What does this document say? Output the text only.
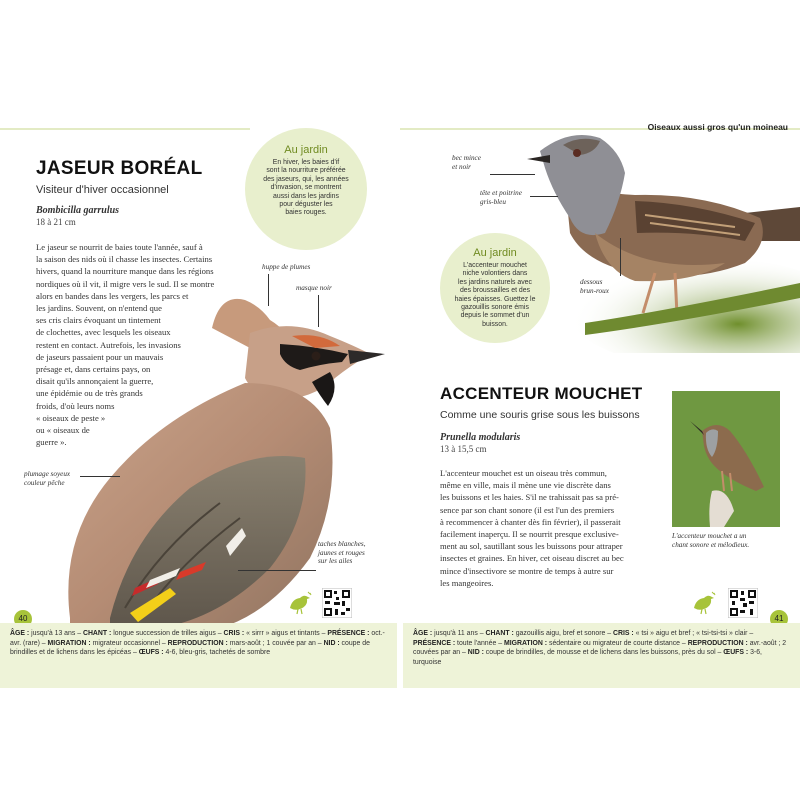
JASEUR BORÉAL
Visiteur d'hiver occasionnel
Bombicilla garrulus
18 à 21 cm
Le jaseur se nourrit de baies toute l'année, sauf à
la saison des nids où il chasse les insectes. Certains
hivers, quand la nourriture manque dans les régions
nordiques où il vit, il migre vers le sud. Il se montre
alors en bandes dans les vergers, les parcs et
les jardins. Souvent, on n'entend que
ses cris clairs évoquant un tintement
de clochettes, avec lesquels les oiseaux
restent en contact. Autrefois, les invasions
de jaseurs passaient pour un mauvais
présage et, dans certains pays, on
disait qu'ils annonçaient la guerre,
une épidémie ou de très grands
froids, d'où leurs noms
« oiseaux de peste »
ou « oiseaux de
guerre ».
Au jardin
En hiver, les baies d'if
sont la nourriture préférée
des jaseurs, qui, les années
d'invasion, se montrent
aussi dans les jardins
pour déguster les
baies rouges.
huppe de plumes
masque noir
plumage soyeux
couleur pêche
taches blanches,
jaunes et rouges
sur les ailes
40
ÂGE : jusqu'à 13 ans – CHANT : longue succession de trilles aigus – CRIS : « sirrr » aigus et tintants – PRÉSENCE : oct.-avr. (rare) – MIGRATION : migrateur occasionnel – REPRODUCTION : mars-août ; 1 couvée par an – NID : coupe de brindilles et de lichens dans les épicéas – ŒUFS : 4-6, bleu-gris, tachetés de sombre
Oiseaux aussi gros qu'un moineau
bec mince
et noir
tête et poitrine
gris-bleu
dessous
brun-roux
Au jardin
L'accenteur mouchet
niche volontiers dans
les jardins naturels avec
des broussailles et des
haies épaisses. Guettez le
gazouillis sonore émis
depuis le sommet d'un
buisson.
ACCENTEUR MOUCHET
Comme une souris grise sous les buissons
Prunella modularis
13 à 15,5 cm
L'accenteur mouchet est un oiseau très commun,
même en ville, mais il mène une vie discrète dans
les buissons et les haies. S'il ne trahissait pas sa pré-
sence par son chant sonore (il est l'un des premiers
à recommencer à chanter dès fin février), il passerait
facilement inaperçu. Il se nourrit presque exclusive-
ment au sol, sautillant sous les buissons pour attraper
insectes et graines. En hiver, cet oiseau discret au bec
mince d'insectivore se montre de temps à autre sur
les mangeoires.
L'accenteur mouchet a un
chant sonore et mélodieux.
41
ÂGE : jusqu'à 11 ans – CHANT : gazouillis aigu, bref et sonore – CRIS : « tsi » aigu et bref ; « tsi-tsi-tsi » clair – PRÉSENCE : toute l'année – MIGRATION : sédentaire ou migrateur de courte distance – REPRODUCTION : avr.-août ; 2 couvées par an – NID : coupe de brindilles, de mousse et de lichens dans les buissons, près du sol – ŒUFS : 3-6, turquoise
